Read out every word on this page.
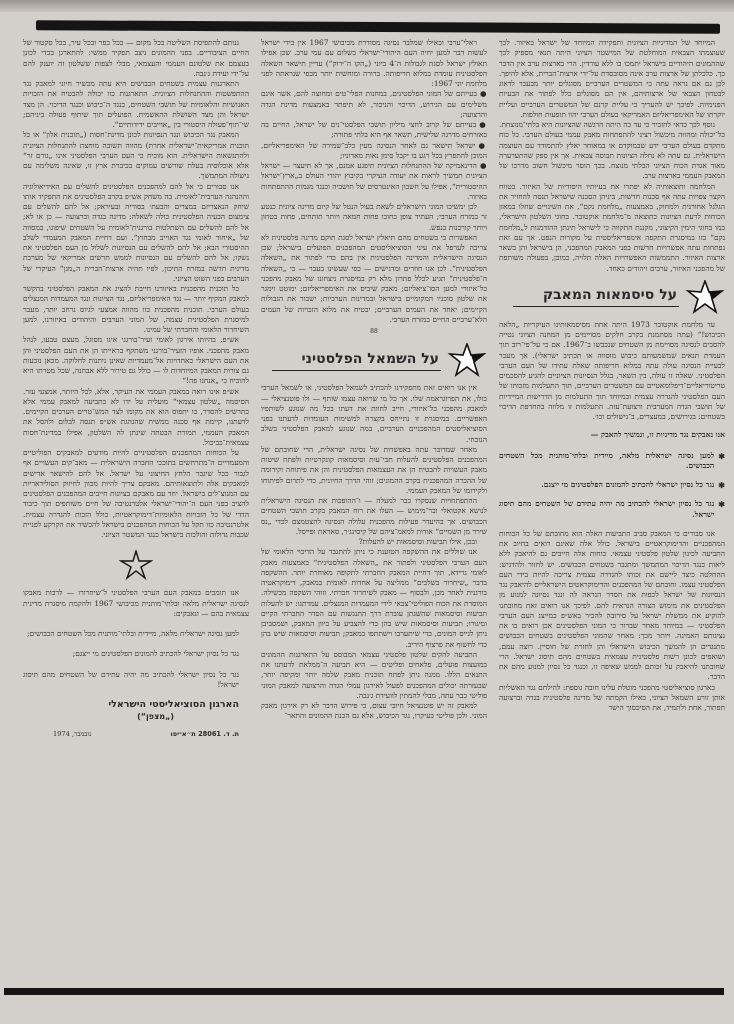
המיוחד של המדיניות הציונית ותפקידה המיוחד של ישראל באיזור. לכך שעוצמתו הצבאית המוחלטת של המישטר הציוני היתה תנאי מספיק לכך שההמונים היהודיים בישראל יתמכו בו ללא עורדין. הרי בארצות ערב אין הדבר כך. כלכלתן של ארצות ערב אינה מסובסדת על־ידי ארצות־הברית, אלא להיפך. לכן גם אם נראה עתה כי המשטרים הערביים מסוגלים יותר מבעבר לדאוג לבטחון הצבאי של ארצותיהם, אין הם מסוגלים כלל לפתור את הבעיות הפנימיות. לפיכך יש להעריך כי עליית קרנם של המשטרים הערביים ועליית יוקרתו של האימפריאליזם האמריקאי בעולם הערבי יהוו תופעות חולפות.

נוסף לכך כדאי להזכיר כי עד כה היתה הרגשה שהציונות היא בלתי־מנוצחת. כל־יכולה ומהווה מיכשול רציני להתפתחות מאבק עממי בעולם הערבי. כל כוח מתקדם בעולם הערבי ידע שבמוקדם או במאוחר יאלץ להתמודד עם העוצמה הישראלית. גם עתה לא נחלה הציונות תבוסה צבאית. אך אין ספק שהתערערה מאוד אגדת הכוח הציוני הבלתי מנוצח. בכך הוסר מיכשול חשוב מדרכו של המאבק העממי בארצות ערב.

המלחמה ותוצאותיה לא יפתרו את בעיותיו היסודיות של האיזור. בטווח הקצר צפויות עתה אף סכנות חדשות, ביניהן הסכנה שישראל תנסה להחזיר את הגלגל אחורנית ולמחוק, באמצעות „מלחמת נקם“, את השינויים שחלו במאזן הכוחות לרעת הציונות כתוצאה מ־מלחמת אוקטובר. בחוגי השלטון הישראלי, כמו בחוגי הימין הקיצוני, מקננת התקווה כי לישראל תינתן ההזדמנות ל„מלחמת נקם“ כזו במיסגרת התקפה אימפריאליסטית על מקורות הנפט. אך עם זאת נפתחות עתה אפשרויות חדשות בפני המאבק המהפכני, הן בישראל והן בשאר ארצות האיזור. התממשות האפשרויות האלה תלויה, כמובן, בפעולה משותפת של מהפכני האיזור, ערבים ויהודים כאחד.

על סיסמאות המאבק

עד מלחמת אוקטובר 1973 היתה אחת מסיסמאותינו העיקריות „הלאה הכיבוש!“ (עתה מסתמנת בקרב חלקים מסויימים מן המחנה הציוני נטייה להסכים לנסיגה מסויימת מן השטחים שנכבשו ב־1967. אם כי על־פי־רוב תוך העמדת תנאים שמשמעותם כיבוש מוסווה או תכתיב ישראלי). אך מעבר לבעיית הנסיגה עולה עתה במלוא חריפותה שאלת עתידו של העם הערבי הפלסטיני. שאלה זו עולה, בין השאר, בגלל הנסיונות הציוניים להגיע להסכמים טריטוריאליים־דיפלומאטיים עם המשטרים הערביים, תוך התעלמות מזכותו של העם הפלסטיני להגדרה עצמית ובמיוחד תוך התעלמות מן הדרישות המיידיות של תושבי הגדה המערבית ורצועת־עזה. התעלמות זו מלווה בהחרפת הדיכוי בשטחים: בגירושים, במעצרים, ב־נישולים וכו׳.

אנו נאבקים נגד מדיניות זו, ונמשיך להאבק —
✱
למען נסיגה ישראלית מלאה, מיידית ובלתי־מותנית מכל השטחים הכבושים.
✱
נגד כל נסיון ישראלי להכתיב להמונים הפלסטינים מי ייצגם.
✱
נגד כל נסיון ישראלי להכתיב מה יהיה עתידם של השטחים מהם תיסוג ישראל.

אנו סבורים כי המאבק סביב התביעות האלה הוא מחובתם של כל הכוחות המהפכניים והדימוקראטיים בישראל. כולל אלה שאינם רואים בחיוב את התביעה לכינון שלטון פלסטיני עצמאי. כוחות אלה חייבים גם להיאבק ללא ליאות כנגד הדיכוי המתמשך ומתגבר בשטחים הכבושים. יש לחזור ולהדגיש: ההחלטה כיצד ליישם את זכותו להגדרה עצמית צריכה להיות בידי העם הפלסטיני עצמו. וחובתם של המהפכנים והדימוקראטים הישראליים להיאבק נגד הנסיונות של ישראל לכפות את הסדר הנראה לה ונגד נסיונה למנוע מן הפלסטינים את מימוש הצורה הנראית להם. לפיכך אנו רואים זאת מחובתנו להוקיע את ממשלת ישראל על סירובה להכיר באש״פ כמייצג העם הערבי הפלסטיני — במיוחד מאחר שברור כי המוני הפלסטינים אכן רואים בו את נציגותם האמינה. ויותר מכך: מאחר שהמוני הפלסטינים בשטחים הכבושים מתנגדים הן להמשך הכיבוש הישראלי והן לחזרת של חוסיין. רוצה עמם, ושואפים לכונן רשות פלסטינית עצמאית בשטחים מהם תיסוג ישראל. הרי שחובתנו להיאבק על זכותם לממש שאיפה זו, וכנגד כל נסיון למנוע מהם את הדבר.

כארגון סוציאליסטי מהפכני מוטלת עלינו חובה נוספת: להילחם נגד האשליות אותן זורע השמאל הציוני, כאילו הקמתה של מדינה פלסטינית בגדה וברצועה תפתור, אחת ולתמיד, את הסיכסוך הישר

ראלי־ערבי וכאילו שמלבד נסיגה מסודרת מכיבושי 1967 אין בידי ישראל לעשות דבר למען יחיה העם היהודי־ישראלי בשלום עם עמי ערב. שכן אפילו תאולץ ישראל לסגת לגבולות ה־4 ביוני („הקו ה־ירוק“) עדיין תישאר השאלה הפלסטינית עומדת במלוא חריפותה. ברורה ומוחשית יותר מכפי שנראתה לפני מלחמת יוני 1967:

●בעייתם של המוני הפלסטינים, במחנות הפלי־טים ומחוצה להם, אשר אינם משלימים עם הגירוש, הדיכוי והניכור, לא תיפתר באמצעות מדינת הגדה והרצועה;

●בעייתם של קרוב לחצי מיליון תושבי הפלסטי־נים של ישראל, החיים בה כאזרחים מדרגה שלישית, תשאר אף היא בלתי פתורה;

●ישראל תישאר גם לאחר הנסיגה מעין כלב־שמירה של האימפריאליזם, המוכן להתפרץ בכל רגע בו יקבל סימן נאות מאדוניו;

●הדינאמיקה של ההתנחלות הציונית תיפגע אמנם, אך לא תיעצר — ישראל הציונית תמשיך לראות את יעודה העיקרי בקיבוץ יהודי העולם ב„ארץ־ישראל ההיסטורית“, אפילו על חשבון האינטרסים של תושביה וכנגד מגמות ההתפתחות באיזור.

לכן ימשיכו המוני הישראלים לשאת בעול הנטל של קיום מדינה ציונית כנטע זר במזרח הערבי; העתיד צופן בחובו פחות חמאה ויותר תותחים, פחות בטחון ויותר קורבנות בנפש.

האפשרות כי בשטחים מהם תיאלץ ישראל לסגת תוקם מדינה פלסטינית לא צריכה לערפל את עיני הסוציאליסטים המהפכנים הפועלים בישראל; שכן הנסיגה הישראלית והמדינה הפלסטינית אין בהם כדי לפתור את „השאלה הפלסטינית“. לכן אנו חוזרים ומדגישים — כפי שעשינו בעבר — כי „השאלה ה־פלסטינית“ תגיע לכלל פתרון מלא רק במיסגרת ניצחונו של מאבק מהפכני כל־איזורי למען הסו־ציאליזם; מאבק שיביס את האימפריאליזם; ימוטט וימגר את שלטון סוכניו המקומיים בישראל ובמדינות הערביות; ישבור את הגבולות הקיימים; יאחד את העמים הערביים; יבטיח את מלוא הזכויות של העמים הלא־ערביים החיים במזרח הערבי.

88
על השמאל הפלסטיני

אין אנו רואים זאת מתפקידנו להכתיב לשמאל הפלסטיני, או לשמאל הערבי כולו, את הפרוגראמה שלו. אך כל מי שרואה עצמו שותף — ולו פוטנציאלי — למאבק מהפכני כל־איזורי, חייב לחוות את דעתו בכל מה שנוגע לשותפיו האפשריים. במיסגרת זו נתייחס בקצרה למשימות העומדות לדעתנו בפני הסוציאליסטים המהפכניים הערביים, במה שנוגע למאבק הפלסטיני בשלב הנוכחי.

מאחר שמדובר עתה באפשרות של נסיגה ישראלית, הרי שחובתם של המהפכנים הפלסטינים להעלות תבי־עות וסיסמאות קונקרטיות ולפתח שיטות מאבק העשויות להבטיח הן את העצמאות הפלסטינית והן את פיתוחה וקידומה של ההכרה המהפכנית בקרב ההמונים; זוהי הדרך החיונית, כדי לתרום לפיתוחו ולקידומו של המאבק העממי.

ההתפתחויות שנסקרו כבר למעלה — ו־ההופכות את הנסיגה הישראלית לנושא אקטואלי ובר־מימוש — העלו את רוח המאבק בקרב תושבי השטחים הכבושים. אך בהיעדר פעילות מהפכנית עלולה הנסיגה להצטמצם לכדי „נס שירד מן השמיים“ אודות למאמ־ציהם של קיסינג׳ר, סאדאת ופייסל.

ובכן, אילו תביעות וסיסמאות יש להעלות?

אנו שוללים את ההשקפה הטוענת כי ניתן להתגבר על הדיכוי הלאומי של העם הערבי הפלסטיני ולפתור את „השאלה הפלסטינית“ באמצעות מאבק לאומי גרידא, תוך דחיית המאבק החברתי לתקופה מאוחרת יותר. ההשקפה בדבר „שיחרור בשלבים“ ממליצה על אחדות לאומית במאבק, דימוקראטיה בורגנית לאחר מכן, ולבסוף — מאבק לשיחרור חברתי. וזוהי השקפה מכשילה. המוסרת את הכוח הפוליטי־צבאי לידי המעמדות המנצלים. עמדתנו: יש להעלות תביעות וסיסמאות שהשגתן עוברת דרך התנגשות עם הסדר החברתי הקיים ומיגורו; תביעות וסיסמאות שיש בהן כדי להצביע על כיוון המאבק, ושמסביבן ניתן לגייס המונים, כדי שיתערבו וישתתפו במאבק; תביעות וסיסמאות שיש בהן כדי לחשוף את פרצוף היריב.

התביעה להקים שלטון פלסטיני עצמאי המבוסס על התארגנות ההמונים במועצות פועלים, פלאחים ופליטים — היא תביעה ה־ממלאת לדעתנו את התנאים הללו. ממנה ניתן לפתח תוכנית מאבק שלמה יותר ומקיפה יותר, שבעזרתה יכולים המהפכנים לפעול לאירגון עמלי הגדה והרצועה למאבק המוני פוליטי כבר עתה, מבלי להמתין לוועידת ג׳נבה.

למאבק זה יש פוטנציאל חיובי עצום, כי פירוש הדבר לא רק אירגון מאבק המוני. ולכן פוליטי בעיקרו, נגד הכיבוש, אלא גם הכנת ההמונים והתאר־

גנותם להתפיסת השליטה בכל מקום — בכל כפר ובכל עיר, בכל סקטור של החיים הציבוריים. בפני ההמונים ניצב תפקיד ממשי: להתארגן בכדי לכונן בעצמם את שלטונם העממי והעצמאי, מבלי לצפות ששלטון זה יוענק להם על־ידי ועידת ג׳נבה.

התארגנות עצמית בשטחים הכבושים היא עתה מכשיר חיוני למאבק נגד ההתפשטות וההתנחלות הציונית. התארגנות כזו יכולה להבטיח את הזכויות האנושיות והלאומיות של תושבי השטחים, כנגד ה־כיבוש וכנגד הדיכוי. הן מצד ישראל והן מצד השושלת ההאשמית. הפועלים תוך שיתוף פעולה ביניהם; שי־תוף־פעולה היסטורי בין „אוייבים ידידותיים“.

המאבק נגד הכיבוש ונגד הנסיונות לכונן מדינת־חסות („תוכנית אלון“ או כל תוכנית אמריקאית־ישראלית אחרת) מהווה תשובה מוחצת להתנחלות הציונית ולהתנשאות הישראלית. הוא מוכיח כי העם הערבי הפלסטיני אינו „גורם זר“ אלא אוכלוסיה בעלת שורשים עמוקים בכיברת ארץ זו, שאינה משלימה עם נישולה המתמשך.

אנו סבורים כי אל להם למהפכנים הפלסטינים להשלים עם האידיאולוגיה וההנהגה הערבית־לאומית. בה משחק אש״פ בקרב הפלסטינים את התפקיד אותו שיחק הנאצריזם במצרים והבעת׳ בסוריה ובעיראק; אל להם להשלים עם צימצום הבעיה הפלסטינית כולה לשאלה: מדינה בגדה וברצועה — כן או לא; אל להם להשלים עם השתלטות בורגנית־לאומית על השטחים שיפונו, במסווה של „איחוד לאומי נגד האוייב מבחוץ“. ועם דחיית המאבק המעמדי לשלב ההיסטורי הבא; אל להם להשלים עם הנסיונות לשלול מן העם הפלסטיני את נשקו; אל להם להשלים עם הנסיונות לממש תרשים אמריקאי של מערכת מדינית חדשה במזרח התיכון, לפיו תהיה ארצות־הברית ה„מגן“ העיקרי של הערבים בפני השוט הציוני.

כל תוכנית מהפכנית באיזורנו חייבת להציג את המאבק הפלסטיני בהקשר למאבק המקיף יותר — נגד האימפריאליזם, נגד הציונות ונגד המעמדות המנצלים בעולם הערבי. תוכנית מהפכנית כזו מהווה אמצעי לגיוס נרחב יותר, מעבר למיסגרת הפלסטינית עצמה, של המוני הערבים והיהודים באיזורנו, למען השיחרור הלאומי והחברתי של עמינו.

אש״פ, בהיותו אירגון לאומי זעיר־בורגני אינו מסוגל, מעצם טבעו, לנהל מאבק מהפכני. אופיו הזעיר־בורגני משתקף בראייתו הן את העם הפלסטיני והן את העם הישראלי כאחדויות אל־מעמדיות שאינן ניתנות לחלוקה. מכאן נובעות גם צורות המאבק המיוחדות לו — כולל גם טירור ללא אבחנה, שכל מטרתו היא להוכיח כי „אנחנו פה!“

אש״פ אינו רואה במאבק העממי את העיקר, אלא, לכל היותר, אמצעי עזר. הסיסמה „שלטון עצמאי“ מועלית על ידו לא כתביעה למאבק עממי אלא כתרשים להסדר, בו יתפוס הוא את מקומו לצד המש־טרים הערבים הקיימים. לדעתנו, קיימת אף סכנה ממשית שהנהגת אש״פ תנסה לבלום ולהסל את המאבק העממי, תמורת הבטחה שינתן לה השלטון, אפילו במדינת־חסות עצמאית־כביכול.

על הכוחות המהפכנים הפלסטיניים להיות מודעים למאבקים הפוליטיים והמעמדיים ה־מתרחשים בתוככי החברה הישראלית — מאב־קים העשויים אף לגבור ככל שיגבר הלחץ החיצוני על ישראל. אל להם להישאר אדישים למאבקים אלה ולתוצאותיהם. מאבקם צריך להיות מכוון לחיזוק הסולידאריות עם המנוצ־לים בישראל. יחד עם מאבקם בציונות חייבים המהפכנים הפלסטינים להציב בפני העם ה־יהודי־ישראלי אלטרנטיבה של חיים משותפים תוך כיבוד הדדי של כל הזכויות הלאומיות־דימוקראטיות, כולל הזכות להגדרה עצמית. אלטרנטיבה כזו תקל על הכוחות המהפכנים בישראל להכשיר את הקרקע לפניית שכבות גדולות והולכות בישראל כנגד המשטר הציוני.

אנו תומכים במאבק העם הערבי הפלסטיני ל־שיחרורו — לרבות מאבקו לנסיגה ישראלית מלאה ובלתי־מותנית מכיבושי 1967 ולהקמת מיסגרת מדינית עצמאית בהם — ונאבקים:

למען נסיגה ישראלית מלאה, מיידית ובלתי־מותנית מכל השטחים הכבושים;

נגד כל נסיון ישראלי להכתיב להמונים הפלסטינים מי ייצגם;

נגד כל נסיון ישראלי להכתיב מה יהיה עתידם של השטחים מהם תיסוג ישראל!

הארגון הסוציאליסטי הישראלי
(„מצפן“)
ת. ד. 28061 ת״א־יפו
נובמבר, 1974
